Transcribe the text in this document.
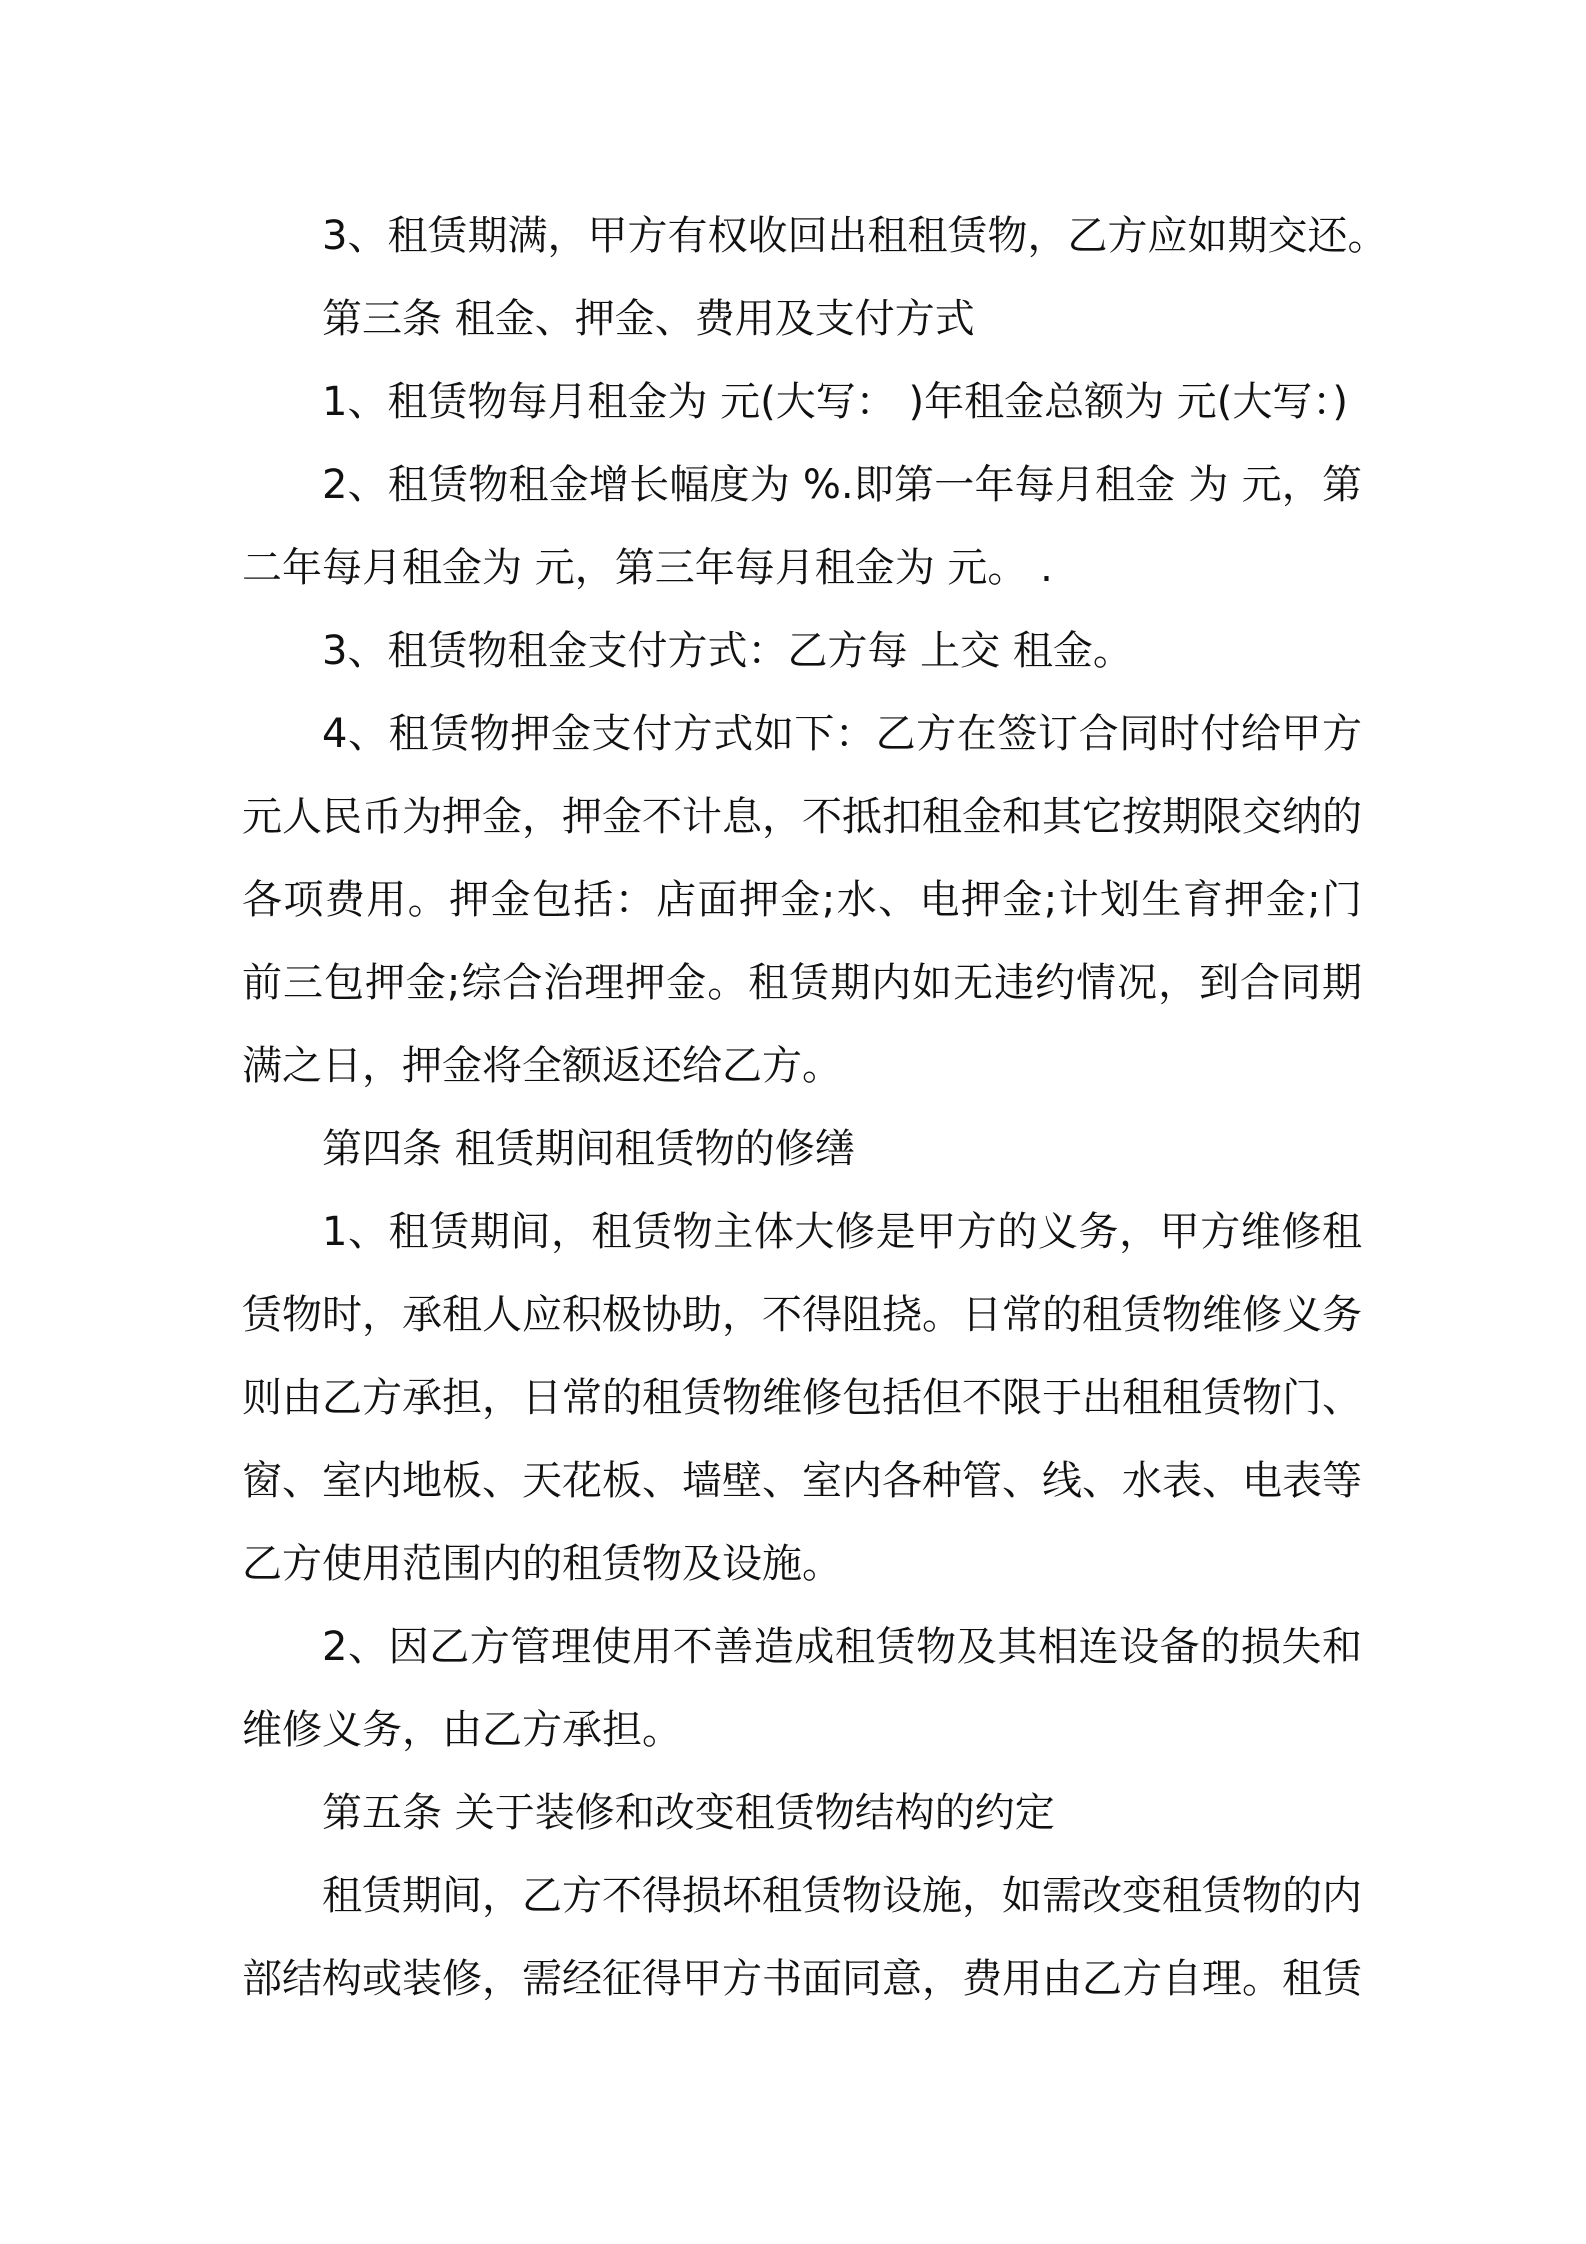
3、租赁期满，甲方有权收回出租租赁物，乙方应如期交还。

第三条 租金、押金、费用及支付方式

1、租赁物每月租金为 元(大写： )年租金总额为 元(大写：)

2、租赁物租金增长幅度为 %.即第一年每月租金 为 元，第二年每月租金为 元，第三年每月租金为 元。 .

3、租赁物租金支付方式：乙方每 上交 租金。

4、租赁物押金支付方式如下：乙方在签订合同时付给甲方 元人民币为押金，押金不计息，不抵扣租金和其它按期限交纳的各项费用。押金包括：店面押金;水、电押金;计划生育押金;门前三包押金;综合治理押金。租赁期内如无违约情况，到合同期满之日，押金将全额返还给乙方。

第四条 租赁期间租赁物的修缮

1、租赁期间，租赁物主体大修是甲方的义务，甲方维修租赁物时，承租人应积极协助，不得阻挠。日常的租赁物维修义务则由乙方承担，日常的租赁物维修包括但不限于出租租赁物门、窗、室内地板、天花板、墙壁、室内各种管、线、水表、电表等乙方使用范围内的租赁物及设施。

2、因乙方管理使用不善造成租赁物及其相连设备的损失和维修义务，由乙方承担。

第五条 关于装修和改变租赁物结构的约定

租赁期间，乙方不得损坏租赁物设施，如需改变租赁物的内部结构或装修，需经征得甲方书面同意，费用由乙方自理。租赁
